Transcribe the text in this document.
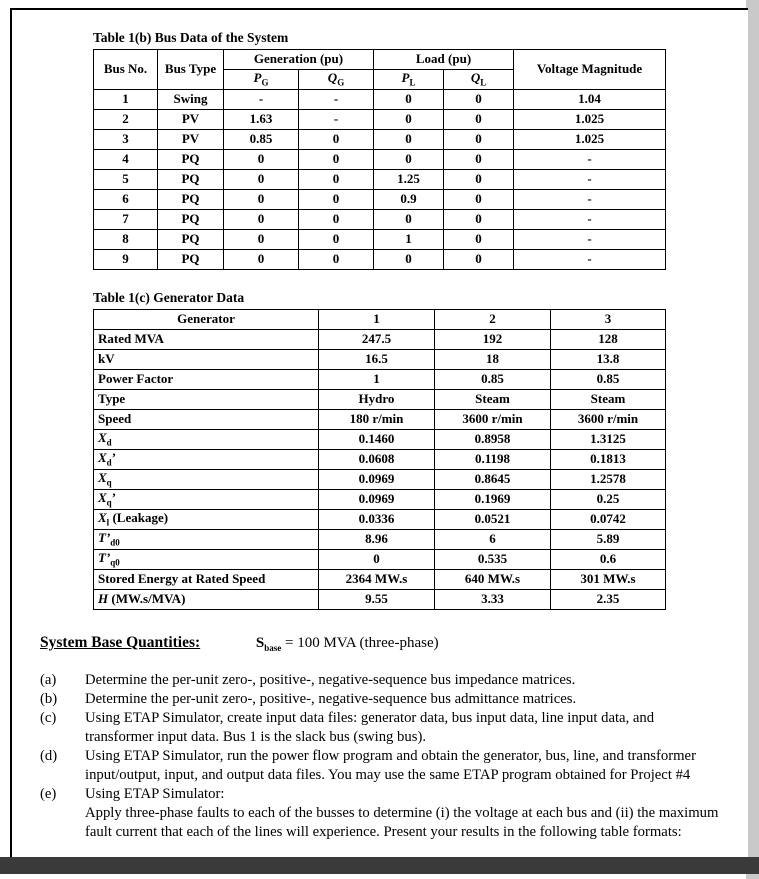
Table 1(b) Bus Data of the System
Bus No.	Bus Type	Generation (pu)		Load (pu)		Voltage Magnitude
		$P_G$	$Q_G$	$P_L$	$Q_L$
1	Swing	-	-	0	0	1.04
2	PV	1.63	-	0	0	1.025
3	PV	0.85	0	0	0	1.025
4	PQ	0	0	0	0	-
5	PQ	0	0	1.25	0	-
6	PQ	0	0	0.9	0	-
7	PQ	0	0	0	0	-
8	PQ	0	0	1	0	-
9	PQ	0	0	0	0	-
Table 1(c) Generator Data
Generator	1	2	3
Rated MVA	247.5	192	128
kV	16.5	18	13.8
Power Factor	1	0.85	0.85
Type	Hydro	Steam	Steam
Speed	180 r/min	3600 r/min	3600 r/min
$X_d$	0.1460	0.8958	1.3125
$X_d$’	0.0608	0.1198	0.1813
$X_q$	0.0969	0.8645	1.2578
$X_q$’	0.0969	0.1969	0.25
$X_l$ (Leakage)	0.0336	0.0521	0.0742
$T’_{d0}$	8.96	6	5.89
$T’_{q0}$	0	0.535	0.6
Stored Energy at Rated Speed	2364 MW.s	640 MW.s	301 MW.s
H (MW.s/MVA)	9.55	3.33	2.35
System Base Quantities:	$S_{base} = 100$ MVA (three-phase)
(a)	Determine the per-unit zero-, positive-, negative-sequence bus impedance matrices.
(b)	Determine the per-unit zero-, positive-, negative-sequence bus admittance matrices.
(c)	Using ETAP Simulator, create input data files: generator data, bus input data, line input data, and transformer input data. Bus 1 is the slack bus (swing bus).
(d)	Using ETAP Simulator, run the power flow program and obtain the generator, bus, line, and transformer input/output, input, and output data files. You may use the same ETAP program obtained for Project #4
(e)	Using ETAP Simulator:
Apply three-phase faults to each of the busses to determine (i) the voltage at each bus and (ii) the maximum fault current that each of the lines will experience. Present your results in the following table formats:
